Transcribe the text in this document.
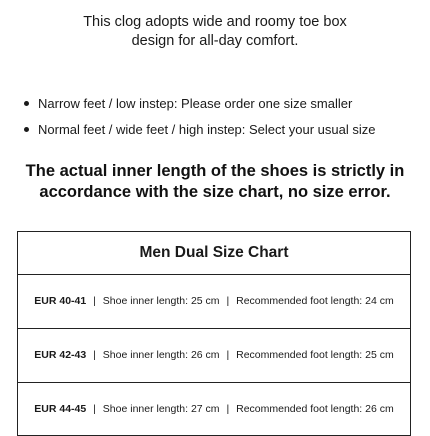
This clog adopts wide and roomy toe box
design for all-day comfort.
Narrow feet / low instep: Please order one size smaller
Normal feet / wide feet / high instep: Select your usual size
The actual inner length of the shoes is strictly in
accordance with the size chart, no size error.
Men Dual Size Chart
EUR 40-41 | Shoe inner length: 25 cm | Recommended foot length: 24 cm
EUR 42-43 | Shoe inner length: 26 cm | Recommended foot length: 25 cm
EUR 44-45 | Shoe inner length: 27 cm | Recommended foot length: 26 cm
